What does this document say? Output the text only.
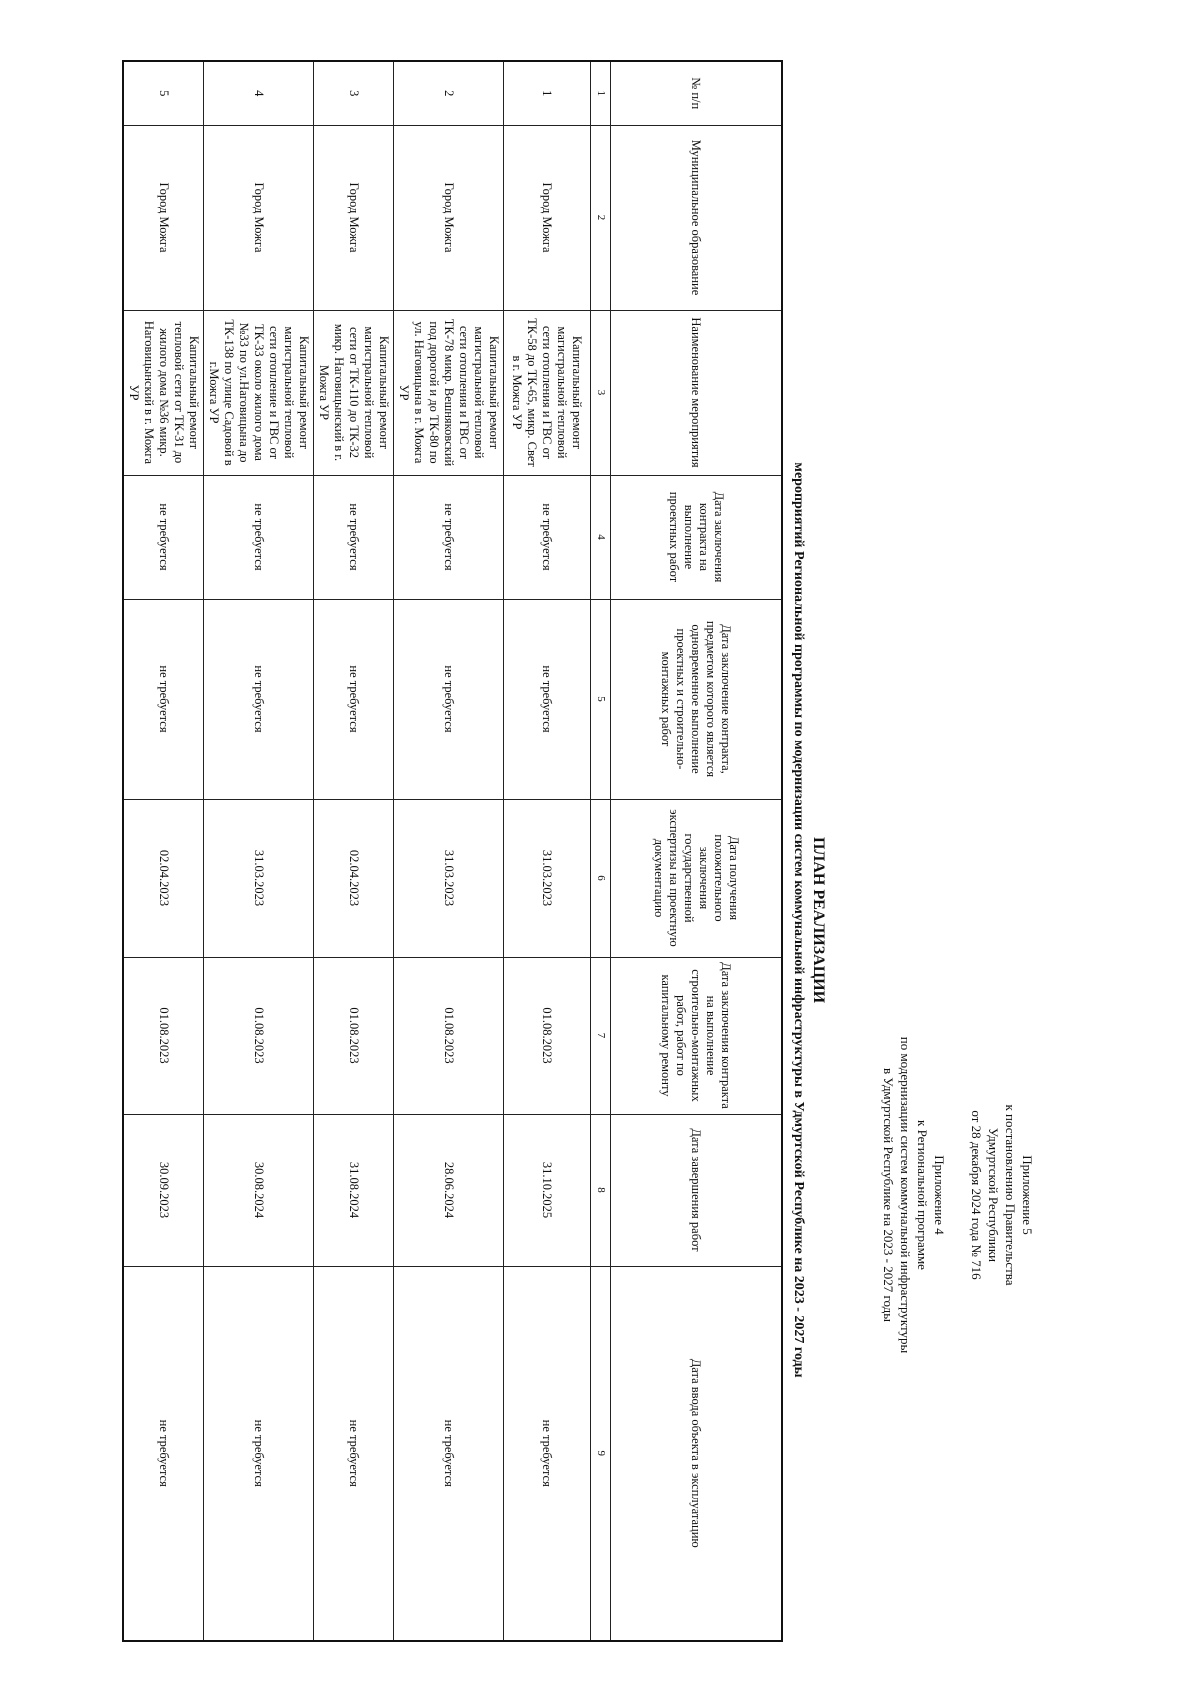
Приложение 5
к постановлению Правительства
Удмуртской Республики
от 28 декабря 2024 года № 716
Приложение 4
к Региональной программе
по модернизации систем коммунальной инфраструктуры
в Удмуртской Республике на 2023 - 2027 годы
ПЛАН РЕАЛИЗАЦИИ
мероприятий Региональной программы по модернизации систем коммунальной инфраструктуры в Удмуртской Республике на 2023 - 2027 годы
№ п/п	Муниципальное образование	Наименование мероприятия	Дата заключения контракта на выполнение проектных работ	Дата заключение контракта, предметом которого является одновременное выполнение проектных и строительно-монтажных работ	Дата получения положительного заключения государственной экспертизы на проектную документацию	Дата заключения контракта на выполнение строительно-монтажных работ, работ по капитальному ремонту	Дата завершения работ	Дата ввода объекта в эксплуатацию
1	2	3	4	5	6	7	8	9
1	Город Можга	Капитальный ремонт магистральной тепловой сети отопления и ГВС от ТК-58 до ТК-65, микр. Свет в г. Можга УР	не требуется	не требуется	31.03.2023	01.08.2023	31.10.2025	не требуется
2	Город Можга	Капитальный ремонт магистральной тепловой сети отопления и ГВС от ТК-78 микр. Вешняковский под дорогой и до ТК-80 по ул. Наговицына в г. Можга УР	не требуется	не требуется	31.03.2023	01.08.2023	28.06.2024	не требуется
3	Город Можга	Капитальный ремонт магистральной тепловой сети от ТК-110 до ТК-32 микр. Наговицынский в г. Можга УР	не требуется	не требуется	02.04.2023	01.08.2023	31.08.2024	не требуется
4	Город Можга	Капитальный ремонт магистральной тепловой сети отопление и ГВС от ТК-33 около жилого дома №33 по ул.Наговицына до ТК-138 по улице Садовой в г.Можга УР	не требуется	не требуется	31.03.2023	01.08.2023	30.08.2024	не требуется
5	Город Можга	Капитальный ремонт тепловой сети от ТК-31 до жилого дома №36 микр. Наговицынский в г. Можга УР	не требуется	не требуется	02.04.2023	01.08.2023	30.09.2023	не требуется
